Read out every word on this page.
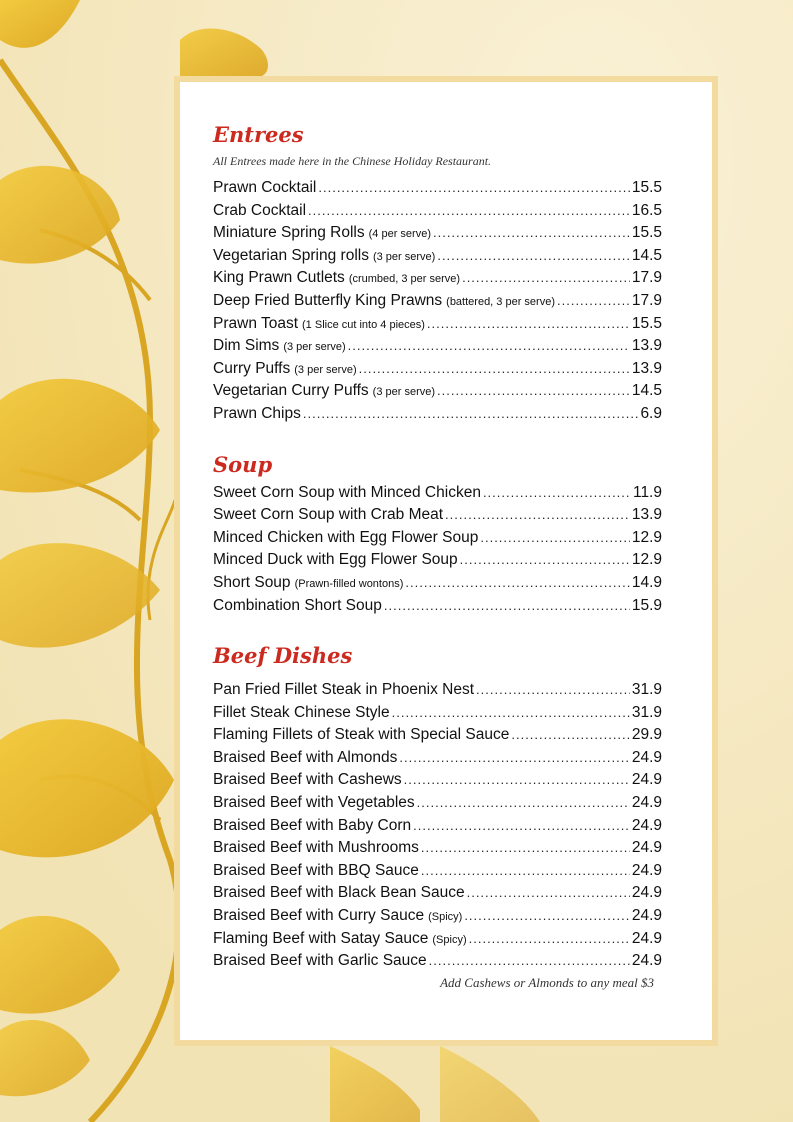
Entrees

All Entrees made here in the Chinese Holiday Restaurant.

Prawn Cocktail .....	15.5
Crab Cocktail .....	16.5
Miniature Spring Rolls (4 per serve) .....	15.5
Vegetarian Spring rolls (3 per serve) .....	14.5
King Prawn Cutlets (crumbed, 3 per serve) .....	17.9
Deep Fried Butterfly King Prawns (battered, 3 per serve) .....	17.9
Prawn Toast (1 Slice cut into 4 pieces) .....	15.5
Dim Sims (3 per serve) .....	13.9
Curry Puffs (3 per serve) .....	13.9
Vegetarian Curry Puffs (3 per serve) .....	14.5
Prawn Chips .....	6.9
Soup
Sweet Corn Soup with Minced Chicken .....	11.9
Sweet Corn Soup with Crab Meat .....	13.9
Minced Chicken with Egg Flower Soup .....	12.9
Minced Duck with Egg Flower Soup .....	12.9
Short Soup (Prawn-filled wontons) .....	14.9
Combination Short Soup .....	15.9
Beef Dishes
Pan Fried Fillet Steak in Phoenix Nest .....	31.9
Fillet Steak Chinese Style .....	31.9
Flaming Fillets of Steak with Special Sauce .....	29.9
Braised Beef with Almonds .....	24.9
Braised Beef with Cashews .....	24.9
Braised Beef with Vegetables .....	24.9
Braised Beef with Baby Corn .....	24.9
Braised Beef with Mushrooms .....	24.9
Braised Beef with BBQ Sauce .....	24.9
Braised Beef with Black Bean Sauce .....	24.9
Braised Beef with Curry Sauce (Spicy) .....	24.9
Flaming Beef with Satay Sauce (Spicy) .....	24.9
Braised Beef with Garlic Sauce .....	24.9

Add Cashews or Almonds to any meal $3
